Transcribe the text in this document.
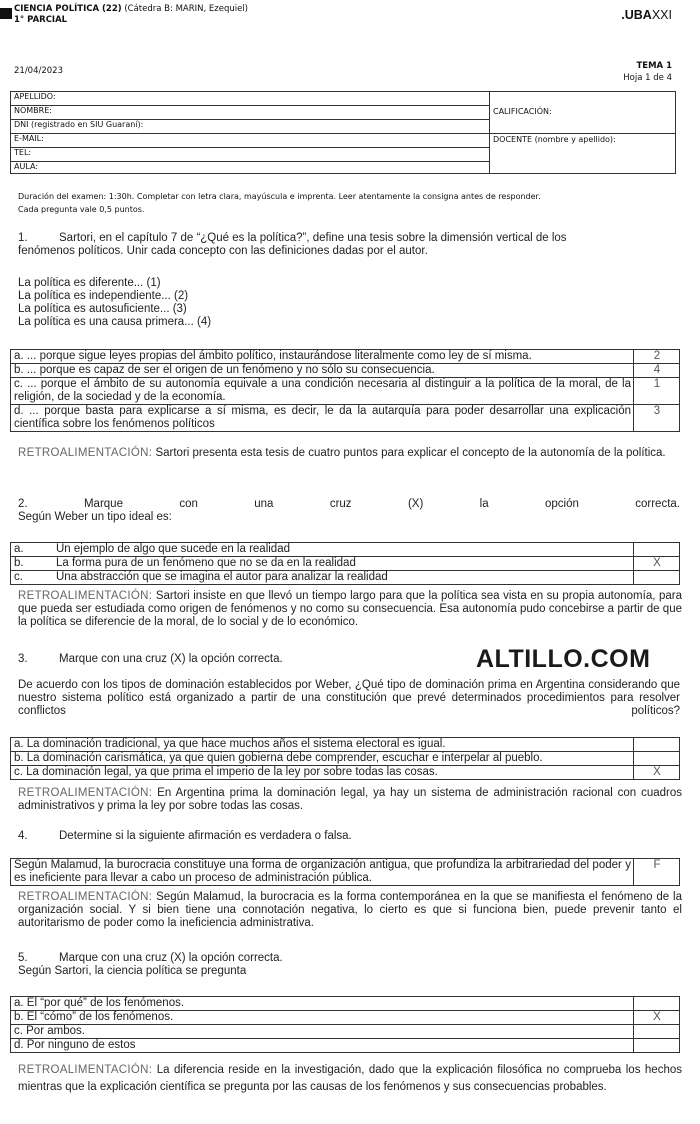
CIENCIA POLÍTICA (22) (Cátedra B: MARIN, Ezequiel)
1° PARCIAL	.UBAXXI
21/04/2023	TEMA 1
Hoja 1 de 4
APELLIDO:
NOMBRE:
DNI (registrado en SIU Guaraní):
E-MAIL:
TEL:
AULA:
CALIFICACIÓN:
DOCENTE (nombre y apellido):
Duración del examen: 1:30h. Completar con letra clara, mayúscula e imprenta. Leer atentamente la consigna antes de responder.
Cada pregunta vale 0,5 puntos.
1.	Sartori, en el capítulo 7 de “¿Qué es la política?”, define una tesis sobre la dimensión vertical de los
fenómenos políticos. Unir cada concepto con las definiciones dadas por el autor.
La política es diferente... (1)
La política es independiente... (2)
La política es autosuficiente... (3)
La política es una causa primera... (4)
a. ... porque sigue leyes propias del ámbito político, instaurándose literalmente como ley de sí misma.	2
b. ... porque es capaz de ser el origen de un fenómeno y no sólo su consecuencia.	4
c. ... porque el ámbito de su autonomía equivale a una condición necesaria al distinguir a la política de la moral, de la religión, de la sociedad y de la economía.	1
d. ... porque basta para explicarse a sí misma, es decir, le da la autarquía para poder desarrollar una explicación científica sobre los fenómenos políticos	3
RETROALIMENTACIÓN: Sartori presenta esta tesis de cuatro puntos para explicar el concepto de la autonomía de la política.
2.	Marque	con	una	cruz	(X)	la	opción	correcta.
Según Weber un tipo ideal es:
a. Un ejemplo de algo que sucede en la realidad	
b. La forma pura de un fenómeno que no se da en la realidad	X
c. Una abstracción que se imagina el autor para analizar la realidad	
RETROALIMENTACIÓN: Sartori insiste en que llevó un tiempo largo para que la política sea vista en su propia autonomía, para que pueda ser estudiada como origen de fenómenos y no como su consecuencia. Esa autonomía pudo concebirse a partir de que la política se diferencie de la moral, de lo social y de lo económico.
3.	Marque con una cruz (X) la opción correcta.	ALTILLO.COM
De acuerdo con los tipos de dominación establecidos por Weber, ¿Qué tipo de dominación prima en Argentina considerando que nuestro sistema político está organizado a partir de una constitución que prevé determinados procedimientos para resolver conflictos políticos?
a. La dominación tradicional, ya que hace muchos años el sistema electoral es igual.	
b. La dominación carismática, ya que quien gobierna debe comprender, escuchar e interpelar al pueblo.	
c. La dominación legal, ya que prima el imperio de la ley por sobre todas las cosas.	X
RETROALIMENTACIÓN: En Argentina prima la dominación legal, ya hay un sistema de administración racional con cuadros administrativos y prima la ley por sobre todas las cosas.
4.	Determine si la siguiente afirmación es verdadera o falsa.
Según Malamud, la burocracia constituye una forma de organización antigua, que profundiza la arbitrariedad del poder y es ineficiente para llevar a cabo un proceso de administración pública.	F
RETROALIMENTACIÓN: Según Malamud, la burocracia es la forma contemporánea en la que se manifiesta el fenómeno de la organización social. Y si bien tiene una connotación negativa, lo cierto es que si funciona bien, puede prevenir tanto el autoritarismo de poder como la ineficiencia administrativa.
5.	Marque con una cruz (X) la opción correcta.
Según Sartori, la ciencia política se pregunta
a. El “por qué” de los fenómenos.	
b. El “cómo” de los fenómenos.	X
c. Por ambos.	
d. Por ninguno de estos	
RETROALIMENTACIÓN: La diferencia reside en la investigación, dado que la explicación filosófica no comprueba los hechos mientras que la explicación científica se pregunta por las causas de los fenómenos y sus consecuencias probables.
